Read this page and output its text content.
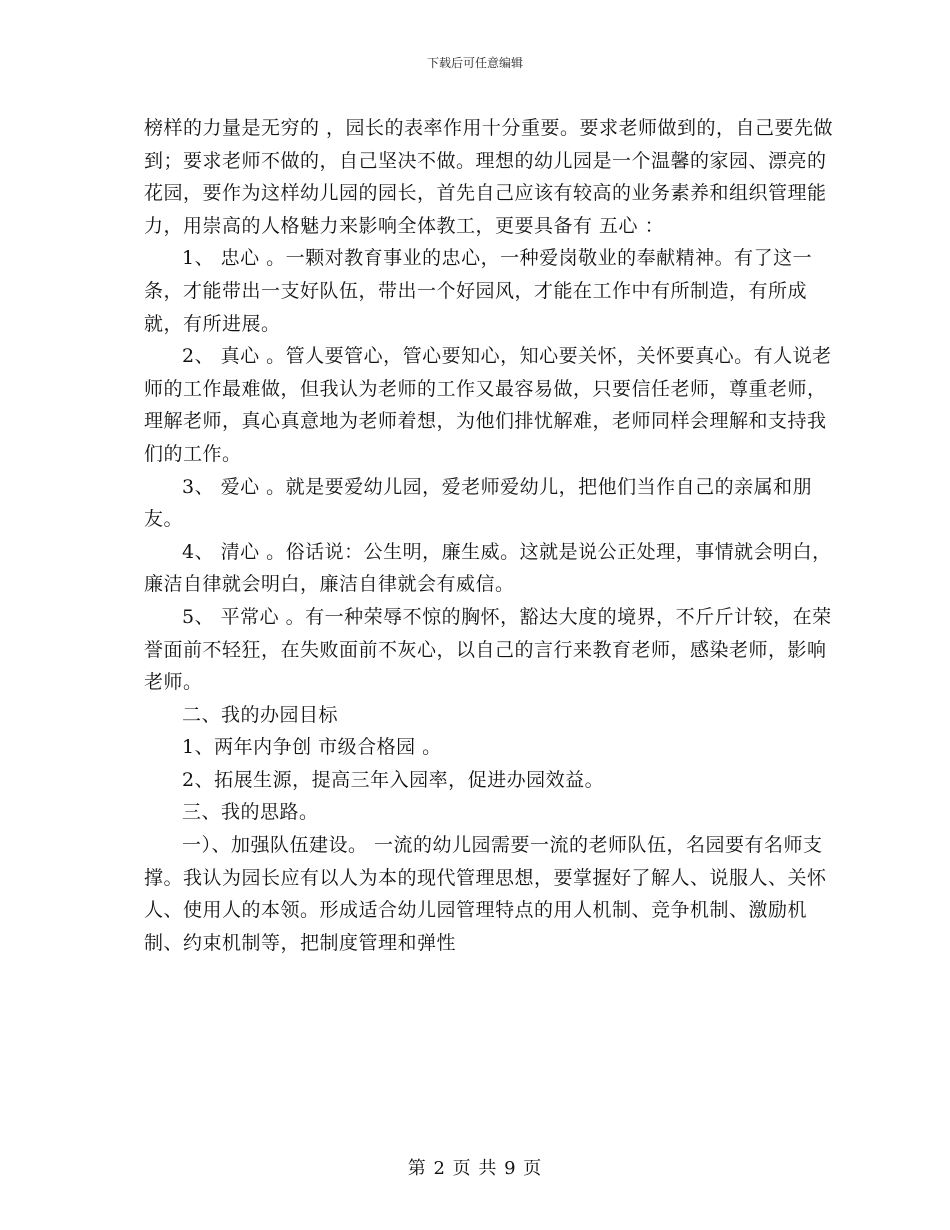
下载后可任意编辑

榜样的力量是无穷的 ，园长的表率作用十分重要。要求老师做到的，自己要先做到；要求老师不做的，自己坚决不做。理想的幼儿园是一个温馨的家园、漂亮的花园，要作为这样幼儿园的园长，首先自己应该有较高的业务素养和组织管理能力，用崇高的人格魅力来影响全体教工，更要具备有 五心 ：

1、 忠心 。一颗对教育事业的忠心，一种爱岗敬业的奉献精神。有了这一条，才能带出一支好队伍，带出一个好园风，才能在工作中有所制造，有所成就，有所进展。

2、 真心 。管人要管心，管心要知心，知心要关怀，关怀要真心。有人说老师的工作最难做，但我认为老师的工作又最容易做，只要信任老师，尊重老师，理解老师，真心真意地为老师着想，为他们排忧解难，老师同样会理解和支持我们的工作。

3、 爱心 。就是要爱幼儿园，爱老师爱幼儿，把他们当作自己的亲属和朋友。

4、 清心 。俗话说：公生明，廉生威。这就是说公正处理，事情就会明白，廉洁自律就会明白，廉洁自律就会有威信。

5、 平常心 。有一种荣辱不惊的胸怀，豁达大度的境界，不斤斤计较，在荣誉面前不轻狂，在失败面前不灰心，以自己的言行来教育老师，感染老师，影响老师。

二、我的办园目标

1、两年内争创 市级合格园 。

2、拓展生源，提高三年入园率，促进办园效益。

三、我的思路。

一）、加强队伍建设。 一流的幼儿园需要一流的老师队伍，名园要有名师支撑。我认为园长应有以人为本的现代管理思想，要掌握好了解人、说服人、关怀人、使用人的本领。形成适合幼儿园管理特点的用人机制、竞争机制、激励机制、约束机制等，把制度管理和弹性

第 2 页 共 9 页
